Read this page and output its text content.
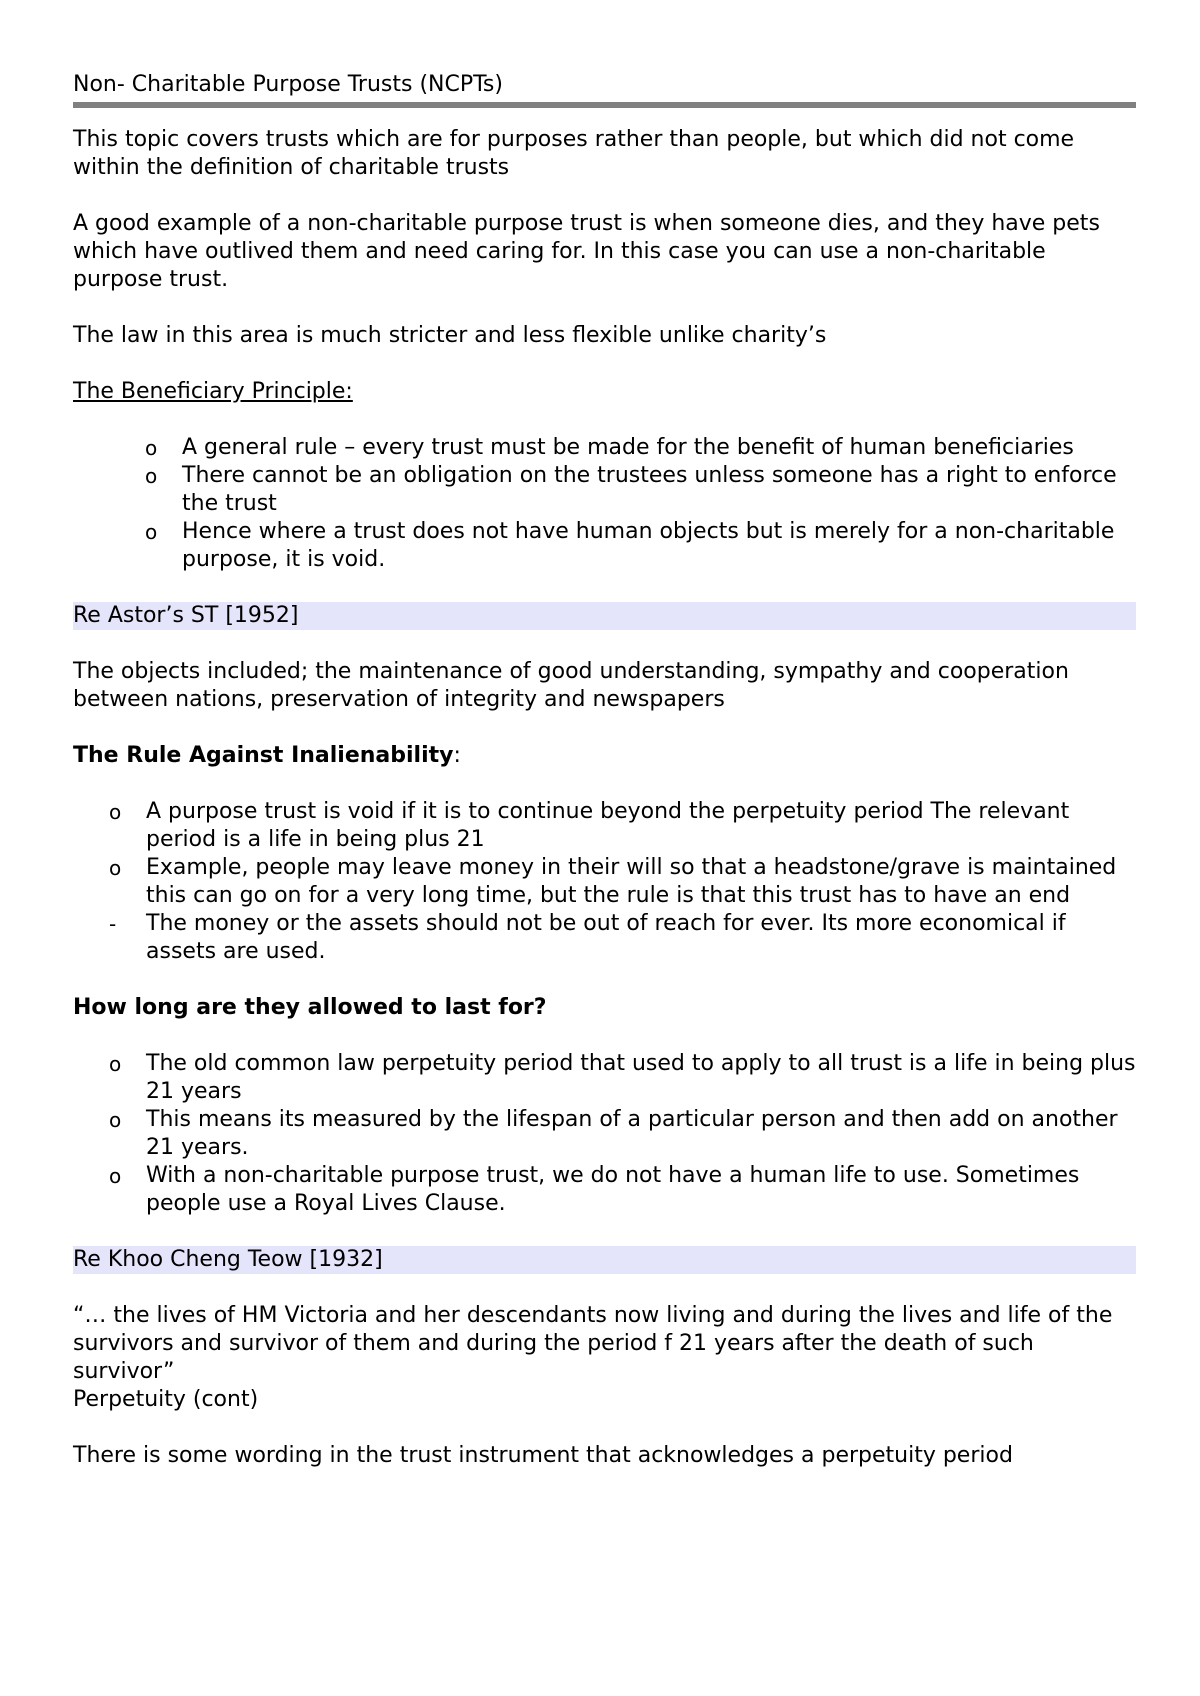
Non- Charitable Purpose Trusts (NCPTs)

This topic covers trusts which are for purposes rather than people, but which did not come within the definition of charitable trusts

A good example of a non-charitable purpose trust is when someone dies, and they have pets which have outlived them and need caring for. In this case you can use a non-charitable purpose trust.

The law in this area is much stricter and less flexible unlike charity’s

The Beneficiary Principle:

o A general rule – every trust must be made for the benefit of human beneficiaries
o There cannot be an obligation on the trustees unless someone has a right to enforce the trust
o Hence where a trust does not have human objects but is merely for a non-charitable purpose, it is void.
Re Astor’s ST [1952]

The objects included; the maintenance of good understanding, sympathy and cooperation between nations, preservation of integrity and newspapers

The Rule Against Inalienability:

o A purpose trust is void if it is to continue beyond the perpetuity period The relevant period is a life in being plus 21
o Example, people may leave money in their will so that a headstone/grave is maintained this can go on for a very long time, but the rule is that this trust has to have an end
- The money or the assets should not be out of reach for ever. Its more economical if assets are used.

How long are they allowed to last for?

o The old common law perpetuity period that used to apply to all trust is a life in being plus 21 years
o This means its measured by the lifespan of a particular person and then add on another 21 years.
o With a non-charitable purpose trust, we do not have a human life to use. Sometimes people use a Royal Lives Clause.
Re Khoo Cheng Teow [1932]

“… the lives of HM Victoria and her descendants now living and during the lives and life of the survivors and survivor of them and during the period f 21 years after the death of such survivor”

Perpetuity (cont)

There is some wording in the trust instrument that acknowledges a perpetuity period
